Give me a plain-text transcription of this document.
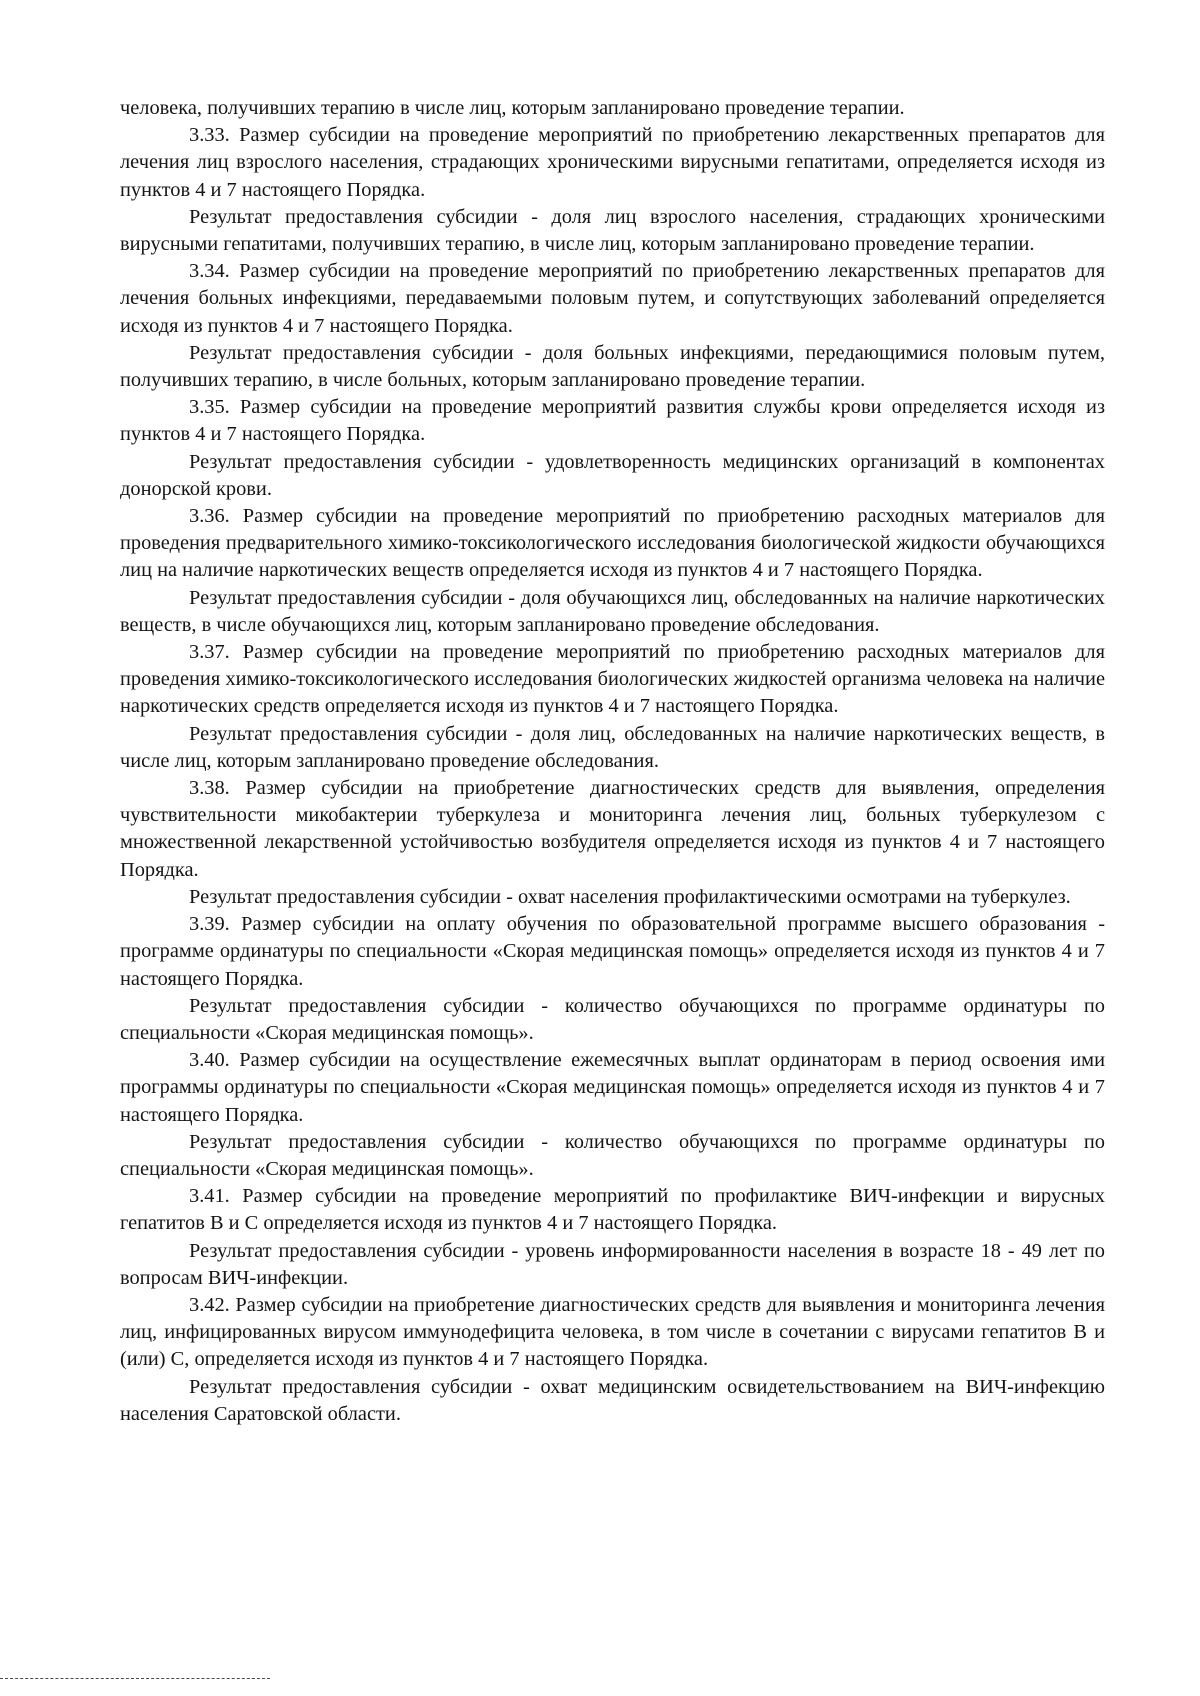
человека, получивших терапию в числе лиц, которым запланировано проведение терапии.

3.33. Размер субсидии на проведение мероприятий по приобретению лекарственных препаратов для лечения лиц взрослого населения, страдающих хроническими вирусными гепатитами, определяется исходя из пунктов 4 и 7 настоящего Порядка.

Результат предоставления субсидии - доля лиц взрослого населения, страдающих хроническими вирусными гепатитами, получивших терапию, в числе лиц, которым запланировано проведение терапии.

3.34. Размер субсидии на проведение мероприятий по приобретению лекарственных препаратов для лечения больных инфекциями, передаваемыми половым путем, и сопутствующих заболеваний определяется исходя из пунктов 4 и 7 настоящего Порядка.

Результат предоставления субсидии - доля больных инфекциями, передающимися половым путем, получивших терапию, в числе больных, которым запланировано проведение терапии.

3.35. Размер субсидии на проведение мероприятий развития службы крови определяется исходя из пунктов 4 и 7 настоящего Порядка.

Результат предоставления субсидии - удовлетворенность медицинских организаций в компонентах донорской крови.

3.36. Размер субсидии на проведение мероприятий по приобретению расходных материалов для проведения предварительного химико-токсикологического исследования биологической жидкости обучающихся лиц на наличие наркотических веществ определяется исходя из пунктов 4 и 7 настоящего Порядка.

Результат предоставления субсидии - доля обучающихся лиц, обследованных на наличие наркотических веществ, в числе обучающихся лиц, которым запланировано проведение обследования.

3.37. Размер субсидии на проведение мероприятий по приобретению расходных материалов для проведения химико-токсикологического исследования биологических жидкостей организма человека на наличие наркотических средств определяется исходя из пунктов 4 и 7 настоящего Порядка.

Результат предоставления субсидии - доля лиц, обследованных на наличие наркотических веществ, в числе лиц, которым запланировано проведение обследования.

3.38. Размер субсидии на приобретение диагностических средств для выявления, определения чувствительности микобактерии туберкулеза и мониторинга лечения лиц, больных туберкулезом с множественной лекарственной устойчивостью возбудителя определяется исходя из пунктов 4 и 7 настоящего Порядка.

Результат предоставления субсидии - охват населения профилактическими осмотрами на туберкулез.

3.39. Размер субсидии на оплату обучения по образовательной программе высшего образования - программе ординатуры по специальности «Скорая медицинская помощь» определяется исходя из пунктов 4 и 7 настоящего Порядка.

Результат предоставления субсидии - количество обучающихся по программе ординатуры по специальности «Скорая медицинская помощь».

3.40. Размер субсидии на осуществление ежемесячных выплат ординаторам в период освоения ими программы ординатуры по специальности «Скорая медицинская помощь» определяется исходя из пунктов 4 и 7 настоящего Порядка.

Результат предоставления субсидии - количество обучающихся по программе ординатуры по специальности «Скорая медицинская помощь».

3.41. Размер субсидии на проведение мероприятий по профилактике ВИЧ-инфекции и вирусных гепатитов В и С определяется исходя из пунктов 4 и 7 настоящего Порядка.

Результат предоставления субсидии - уровень информированности населения в возрасте 18 - 49 лет по вопросам ВИЧ-инфекции.

3.42. Размер субсидии на приобретение диагностических средств для выявления и мониторинга лечения лиц, инфицированных вирусом иммунодефицита человека, в том числе в сочетании с вирусами гепатитов В и (или) С, определяется исходя из пунктов 4 и 7 настоящего Порядка.

Результат предоставления субсидии - охват медицинским освидетельствованием на ВИЧ-инфекцию населения Саратовской области.
